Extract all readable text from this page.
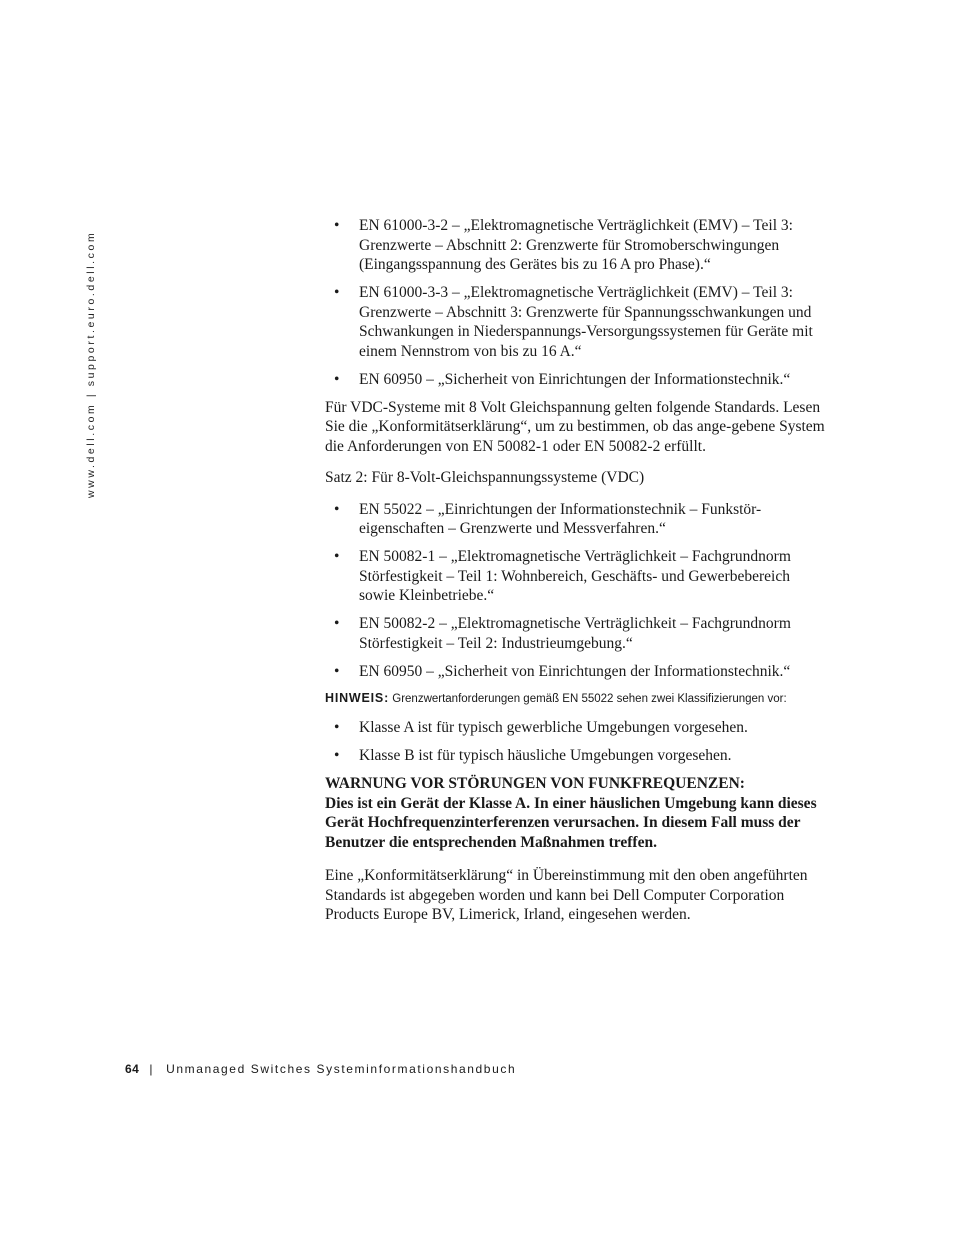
www.dell.com | support.euro.dell.com
• EN 61000-3-2 – „Elektromagnetische Verträglichkeit (EMV) – Teil 3: Grenzwerte – Abschnitt 2: Grenzwerte für Stromoberschwingungen (Eingangsspannung des Gerätes bis zu 16 A pro Phase).“
• EN 61000-3-3 – „Elektromagnetische Verträglichkeit (EMV) – Teil 3: Grenzwerte – Abschnitt 3: Grenzwerte für Spannungsschwankungen und Schwankungen in Niederspannungs-Versorgungssystemen für Geräte mit einem Nennstrom von bis zu 16 A.“
• EN 60950 – „Sicherheit von Einrichtungen der Informationstechnik.“

Für VDC-Systeme mit 8 Volt Gleichspannung gelten folgende Standards. Lesen Sie die „Konformitätserklärung“, um zu bestimmen, ob das ange-gebene System die Anforderungen von EN 50082-1 oder EN 50082-2 erfüllt.

Satz 2: Für 8-Volt-Gleichspannungssysteme (VDC)

• EN 55022 – „Einrichtungen der Informationstechnik – Funkstör-eigenschaften – Grenzwerte und Messverfahren.“
• EN 50082-1 – „Elektromagnetische Verträglichkeit – Fachgrundnorm Störfestigkeit – Teil 1: Wohnbereich, Geschäfts- und Gewerbebereich sowie Kleinbetriebe.“
• EN 50082-2 – „Elektromagnetische Verträglichkeit – Fachgrundnorm Störfestigkeit – Teil 2: Industrieumgebung.“
• EN 60950 – „Sicherheit von Einrichtungen der Informationstechnik.“
HINWEIS: Grenzwertanforderungen gemäß EN 55022 sehen zwei Klassifizierungen vor:
• Klasse A ist für typisch gewerbliche Umgebungen vorgesehen.
• Klasse B ist für typisch häusliche Umgebungen vorgesehen.
WARNUNG VOR STÖRUNGEN VON FUNKFREQUENZEN:
Dies ist ein Gerät der Klasse A. In einer häuslichen Umgebung kann dieses Gerät Hochfrequenzinterferenzen verursachen. In diesem Fall muss der Benutzer die entsprechenden Maßnahmen treffen.

Eine „Konformitätserklärung“ in Übereinstimmung mit den oben angeführten Standards ist abgegeben worden und kann bei Dell Computer Corporation Products Europe BV, Limerick, Irland, eingesehen werden.

64 | Unmanaged Switches Systeminformationshandbuch
